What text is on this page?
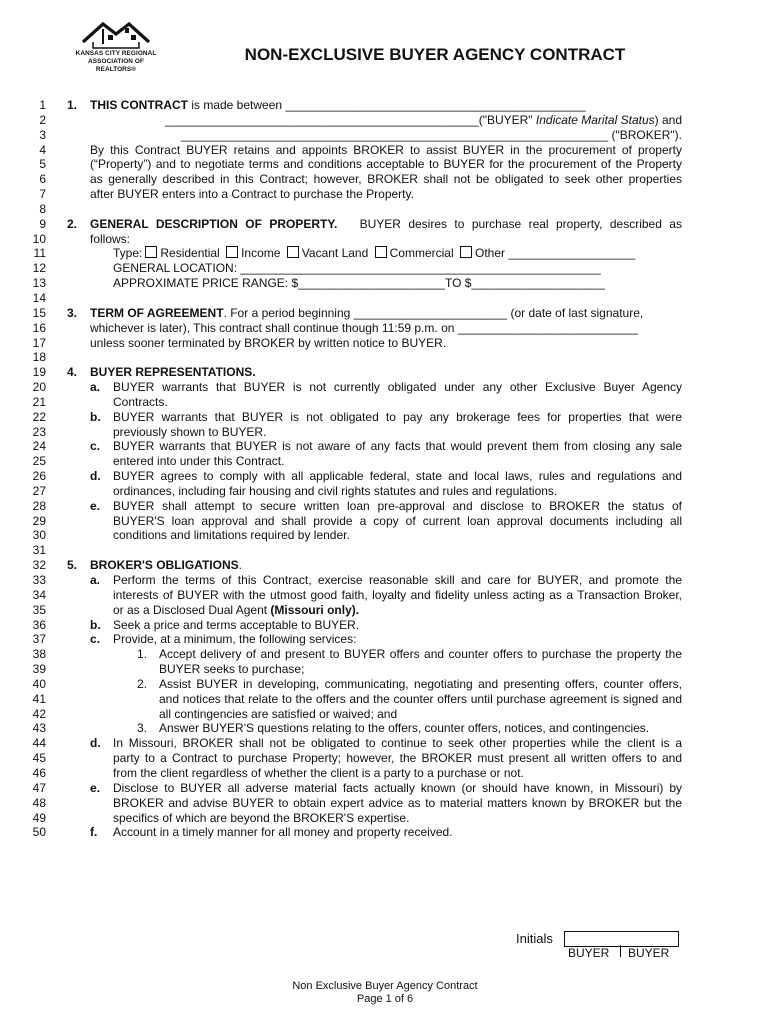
KANSAS CITY REGIONAL
ASSOCIATION OF REALTORS®
NON-EXCLUSIVE BUYER AGENCY CONTRACT
1 1. THIS CONTRACT is made between _____________________________________________
2	_______________________________________________("BUYER" Indicate Marital Status) and
3	________________________________________________________________ ("BROKER").
4	By this Contract BUYER retains and appoints BROKER to assist BUYER in the procurement of property
5	(“Property”) and to negotiate terms and conditions acceptable to BUYER for the procurement of the Property
6	as generally described in this Contract; however, BROKER shall not be obligated to seek other properties
7	after BUYER enters into a Contract to purchase the Property.
8
9 2. GENERAL DESCRIPTION OF PROPERTY. BUYER desires to purchase real property, described as
10	follows:
11	Type: Residential Income Vacant Land Commercial Other ___________________
12	GENERAL LOCATION: ______________________________________________________
13	APPROXIMATE PRICE RANGE: $______________________TO $____________________
14
15 3. TERM OF AGREEMENT. For a period beginning _______________________ (or date of last signature,
16	whichever is later), This contract shall continue though 11:59 p.m. on ___________________________
17	unless sooner terminated by BROKER by written notice to BUYER.
18
19 4. BUYER REPRESENTATIONS.
20	a. BUYER warrants that BUYER is not currently obligated under any other Exclusive Buyer Agency
21	Contracts.
22	b. BUYER warrants that BUYER is not obligated to pay any brokerage fees for properties that were
23	previously shown to BUYER.
24	c. BUYER warrants that BUYER is not aware of any facts that would prevent them from closing any sale
25	entered into under this Contract.
26	d. BUYER agrees to comply with all applicable federal, state and local laws, rules and regulations and
27	ordinances, including fair housing and civil rights statutes and rules and regulations.
28	e. BUYER shall attempt to secure written loan pre-approval and disclose to BROKER the status of
29	BUYER'S loan approval and shall provide a copy of current loan approval documents including all
30	conditions and limitations required by lender.
31
32 5. BROKER'S OBLIGATIONS.
33	a. Perform the terms of this Contract, exercise reasonable skill and care for BUYER, and promote the
34	interests of BUYER with the utmost good faith, loyalty and fidelity unless acting as a Transaction Broker,
35	or as a Disclosed Dual Agent (Missouri only).
36	b. Seek a price and terms acceptable to BUYER.
37	c. Provide, at a minimum, the following services:
38	1. Accept delivery of and present to BUYER offers and counter offers to purchase the property the
39	BUYER seeks to purchase;
40	2. Assist BUYER in developing, communicating, negotiating and presenting offers, counter offers,
41	and notices that relate to the offers and the counter offers until purchase agreement is signed and
42	all contingencies are satisfied or waived; and
43	3. Answer BUYER'S questions relating to the offers, counter offers, notices, and contingencies.
44	d. In Missouri, BROKER shall not be obligated to continue to seek other properties while the client is a
45	party to a Contract to purchase Property; however, the BROKER must present all written offers to and
46	from the client regardless of whether the client is a party to a purchase or not.
47	e. Disclose to BUYER all adverse material facts actually known (or should have known, in Missouri) by
48	BROKER and advise BUYER to obtain expert advice as to material matters known by BROKER but the
49	specifics of which are beyond the BROKER'S expertise.
50	f. Account in a timely manner for all money and property received.
Initials
BUYER BUYER
Non Exclusive Buyer Agency Contract
Page 1 of 6
